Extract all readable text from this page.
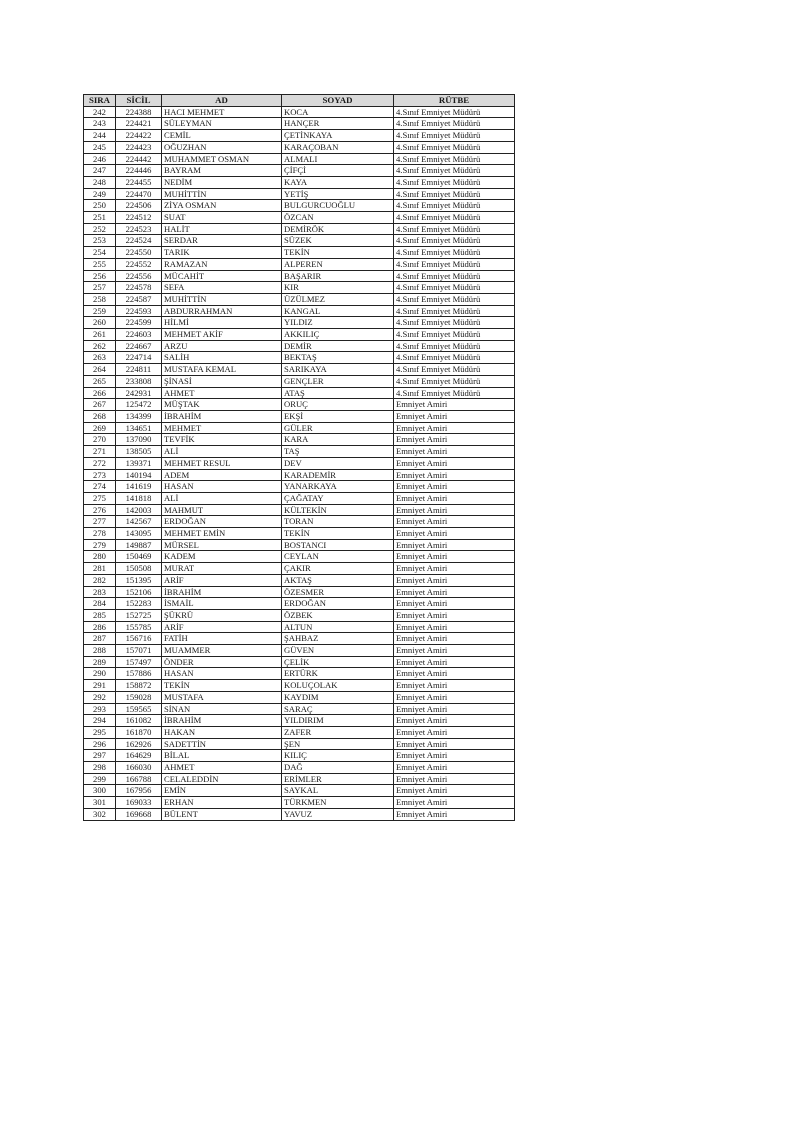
SIRA	SİCİL	AD	SOYAD	RÜTBE
242	224388	HACI MEHMET	KOCA	4.Sınıf Emniyet Müdürü
243	224421	SÜLEYMAN	HANÇER	4.Sınıf Emniyet Müdürü
244	224422	CEMİL	ÇETİNKAYA	4.Sınıf Emniyet Müdürü
245	224423	OĞUZHAN	KARAÇOBAN	4.Sınıf Emniyet Müdürü
246	224442	MUHAMMET OSMAN	ALMALI	4.Sınıf Emniyet Müdürü
247	224446	BAYRAM	ÇİFÇİ	4.Sınıf Emniyet Müdürü
248	224455	NEDİM	KAYA	4.Sınıf Emniyet Müdürü
249	224470	MUHİTTİN	YETİŞ	4.Sınıf Emniyet Müdürü
250	224506	ZİYA OSMAN	BULGURCUOĞLU	4.Sınıf Emniyet Müdürü
251	224512	SUAT	ÖZCAN	4.Sınıf Emniyet Müdürü
252	224523	HALİT	DEMİRÖK	4.Sınıf Emniyet Müdürü
253	224524	SERDAR	SÜZEK	4.Sınıf Emniyet Müdürü
254	224550	TARIK	TEKİN	4.Sınıf Emniyet Müdürü
255	224552	RAMAZAN	ALPEREN	4.Sınıf Emniyet Müdürü
256	224556	MÜCAHİT	BAŞARIR	4.Sınıf Emniyet Müdürü
257	224578	SEFA	KIR	4.Sınıf Emniyet Müdürü
258	224587	MUHİTTİN	ÜZÜLMEZ	4.Sınıf Emniyet Müdürü
259	224593	ABDURRAHMAN	KANGAL	4.Sınıf Emniyet Müdürü
260	224599	HİLMİ	YILDIZ	4.Sınıf Emniyet Müdürü
261	224603	MEHMET AKİF	AKKILIÇ	4.Sınıf Emniyet Müdürü
262	224667	ARZU	DEMİR	4.Sınıf Emniyet Müdürü
263	224714	SALİH	BEKTAŞ	4.Sınıf Emniyet Müdürü
264	224811	MUSTAFA KEMAL	SARIKAYA	4.Sınıf Emniyet Müdürü
265	233808	ŞİNASİ	GENÇLER	4.Sınıf Emniyet Müdürü
266	242931	AHMET	ATAŞ	4.Sınıf Emniyet Müdürü
267	125472	MÜŞTAK	ORUÇ	Emniyet Amiri
268	134399	İBRAHİM	EKŞİ	Emniyet Amiri
269	134651	MEHMET	GÜLER	Emniyet Amiri
270	137090	TEVFİK	KARA	Emniyet Amiri
271	138505	ALİ	TAŞ	Emniyet Amiri
272	139371	MEHMET RESUL	DEV	Emniyet Amiri
273	140194	ADEM	KARADEMİR	Emniyet Amiri
274	141619	HASAN	YANARKAYA	Emniyet Amiri
275	141818	ALİ	ÇAĞATAY	Emniyet Amiri
276	142003	MAHMUT	KÜLTEKİN	Emniyet Amiri
277	142567	ERDOĞAN	TORAN	Emniyet Amiri
278	143095	MEHMET EMİN	TEKİN	Emniyet Amiri
279	149887	MÜRSEL	BOSTANCI	Emniyet Amiri
280	150469	KADEM	CEYLAN	Emniyet Amiri
281	150508	MURAT	ÇAKIR	Emniyet Amiri
282	151395	ARİF	AKTAŞ	Emniyet Amiri
283	152106	İBRAHİM	ÖZESMER	Emniyet Amiri
284	152283	İSMAİL	ERDOĞAN	Emniyet Amiri
285	152725	ŞÜKRÜ	ÖZBEK	Emniyet Amiri
286	155785	ARİF	ALTUN	Emniyet Amiri
287	156716	FATİH	ŞAHBAZ	Emniyet Amiri
288	157071	MUAMMER	GÜVEN	Emniyet Amiri
289	157497	ÖNDER	ÇELİK	Emniyet Amiri
290	157886	HASAN	ERTÜRK	Emniyet Amiri
291	158872	TEKİN	KOLUÇOLAK	Emniyet Amiri
292	159028	MUSTAFA	KAYDIM	Emniyet Amiri
293	159565	SİNAN	SARAÇ	Emniyet Amiri
294	161082	İBRAHİM	YILDIRIM	Emniyet Amiri
295	161870	HAKAN	ZAFER	Emniyet Amiri
296	162926	SADETTİN	ŞEN	Emniyet Amiri
297	164629	BİLAL	KILIÇ	Emniyet Amiri
298	166030	AHMET	DAĞ	Emniyet Amiri
299	166788	CELALEDDİN	ERİMLER	Emniyet Amiri
300	167956	EMİN	SAYKAL	Emniyet Amiri
301	169033	ERHAN	TÜRKMEN	Emniyet Amiri
302	169668	BÜLENT	YAVUZ	Emniyet Amiri
